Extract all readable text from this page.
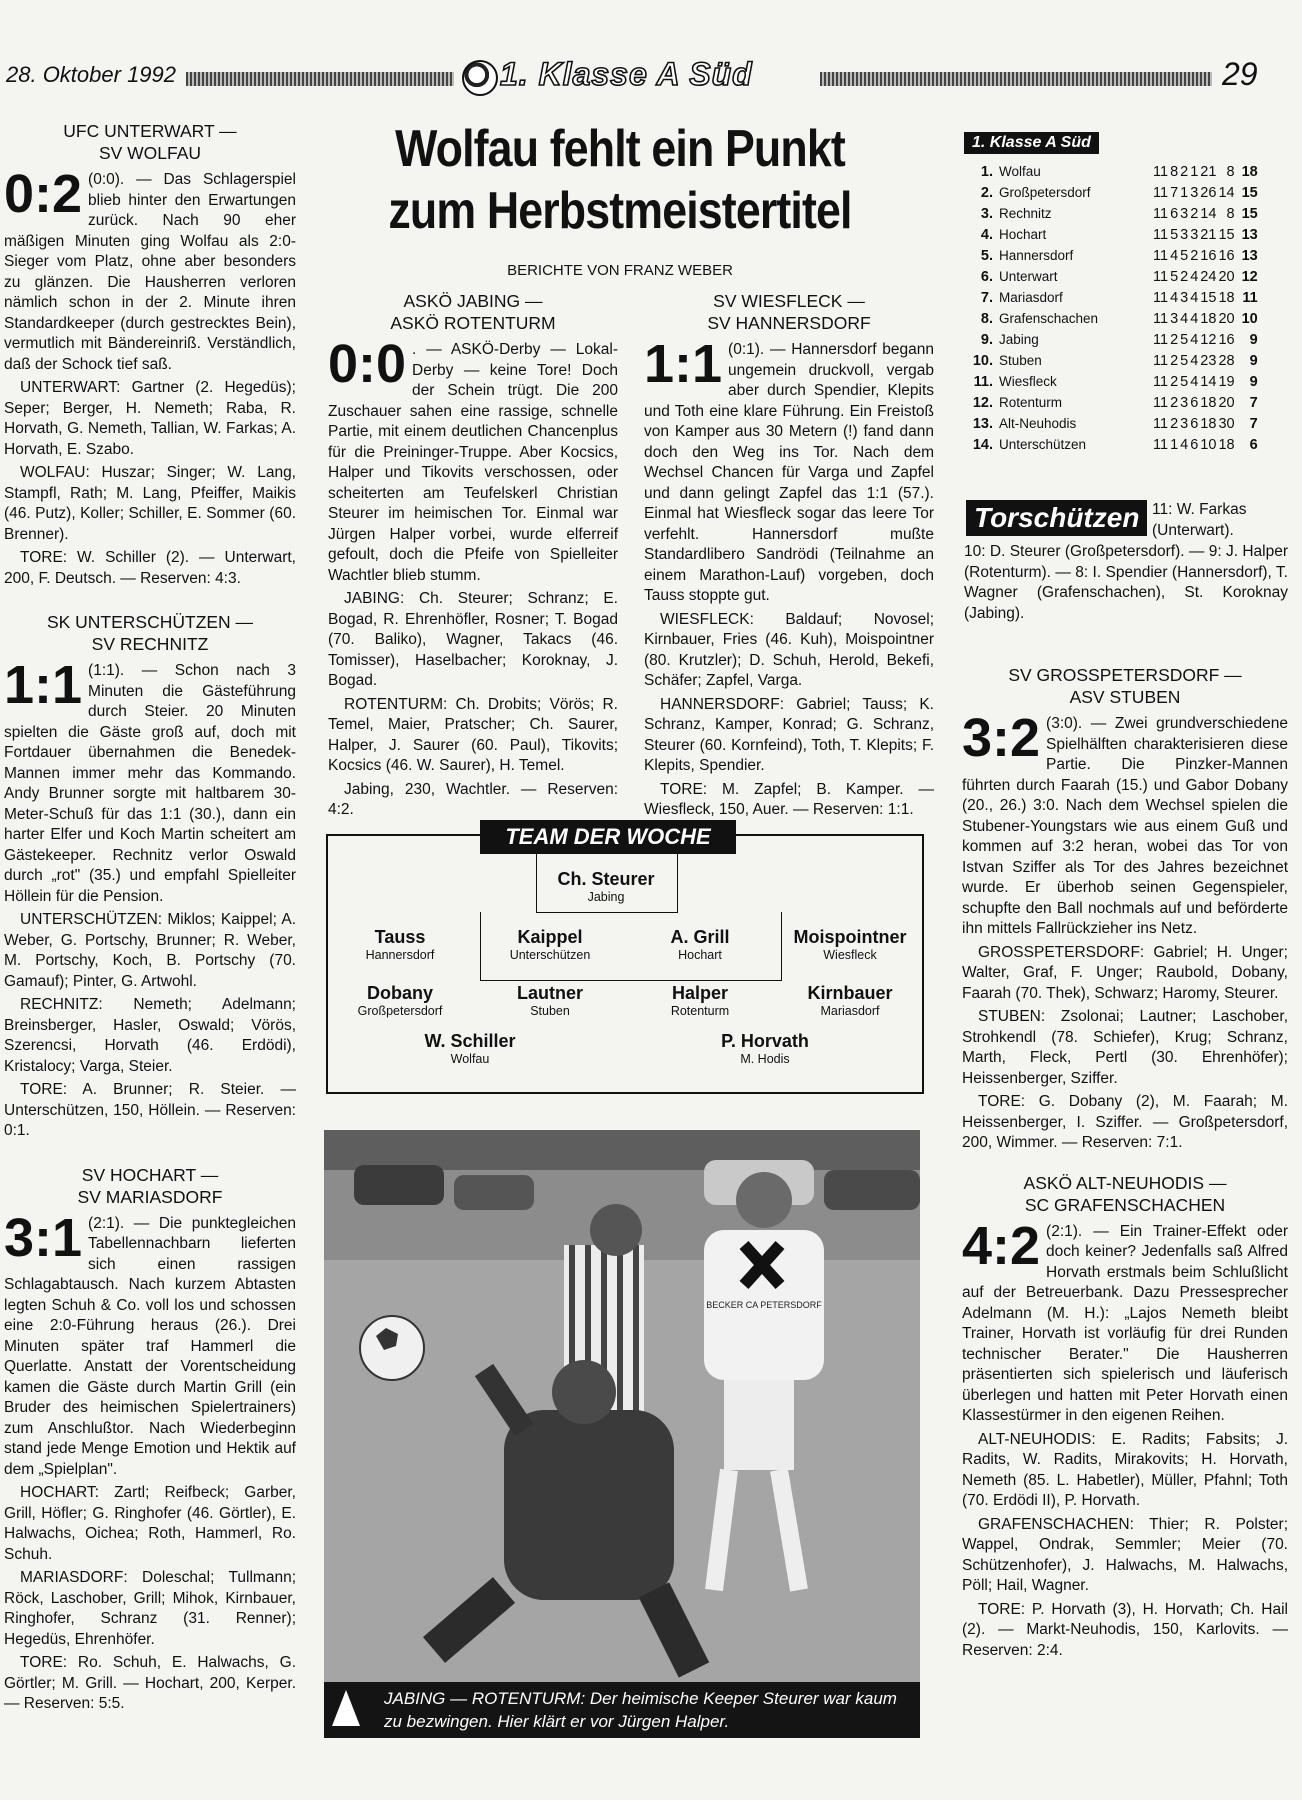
28. Oktober 1992	1. Klasse A Süd	29
Wolfau fehlt ein Punkt
zum Herbstmeistertitel
BERICHTE VON FRANZ WEBER
UFC UNTERWART —
SV WOLFAU
0:2 (0:0). — Das Schlagerspiel blieb hinter den Erwartungen zurück. Nach 90 eher mäßigen Minuten ging Wolfau als 2:0-Sieger vom Platz, ohne aber besonders zu glänzen. Die Hausherren verloren nämlich schon in der 2. Minute ihren Standardkeeper (durch gestrecktes Bein), vermutlich mit Bändereinriß. Verständlich, daß der Schock tief saß.

UNTERWART: Gartner (2. Hegedüs); Seper; Berger, H. Nemeth; Raba, R. Horvath, G. Nemeth, Tallian, W. Farkas; A. Horvath, E. Szabo.

WOLFAU: Huszar; Singer; W. Lang, Stampfl, Rath; M. Lang, Pfeiffer, Maikis (46. Putz), Koller; Schiller, E. Sommer (60. Brenner).

TORE: W. Schiller (2). — Unterwart, 200, F. Deutsch. — Reserven: 4:3.

SK UNTERSCHÜTZEN —
SV RECHNITZ
1:1 (1:1). — Schon nach 3 Minuten die Gästeführung durch Steier. 20 Minuten spielten die Gäste groß auf, doch mit Fortdauer übernahmen die Benedek-Mannen immer mehr das Kommando. Andy Brunner sorgte mit haltbarem 30-Meter-Schuß für das 1:1 (30.), dann ein harter Elfer und Koch Martin scheitert am Gästekeeper. Rechnitz verlor Oswald durch „rot" (35.) und empfahl Spielleiter Höllein für die Pension.

UNTERSCHÜTZEN: Miklos; Kaippel; A. Weber, G. Portschy, Brunner; R. Weber, M. Portschy, Koch, B. Portschy (70. Gamauf); Pinter, G. Artwohl.

RECHNITZ: Nemeth; Adelmann; Breinsberger, Hasler, Oswald; Vörös, Szerencsi, Horvath (46. Erdödi), Kristalocy; Varga, Steier.

TORE: A. Brunner; R. Steier. — Unterschützen, 150, Höllein. — Reserven: 0:1.

SV HOCHART —
SV MARIASDORF
3:1 (2:1). — Die punktegleichen Tabellennachbarn lieferten sich einen rassigen Schlagabtausch. Nach kurzem Abtasten legten Schuh & Co. voll los und schossen eine 2:0-Führung heraus (26.). Drei Minuten später traf Hammerl die Querlatte. Anstatt der Vorentscheidung kamen die Gäste durch Martin Grill (ein Bruder des heimischen Spielertrainers) zum Anschlußtor. Nach Wiederbeginn stand jede Menge Emotion und Hektik auf dem „Spielplan".

HOCHART: Zartl; Reifbeck; Garber, Grill, Höfler; G. Ringhofer (46. Görtler), E. Halwachs, Oichea; Roth, Hammerl, Ro. Schuh.

MARIASDORF: Doleschal; Tullmann; Röck, Laschober, Grill; Mihok, Kirnbauer, Ringhofer, Schranz (31. Renner); Hegedüs, Ehrenhöfer.

TORE: Ro. Schuh, E. Halwachs, G. Görtler; M. Grill. — Hochart, 200, Kerper. — Reserven: 5:5.

ASKÖ JABING —
ASKÖ ROTENTURM
0:0 . — ASKÖ-Derby — Lokal-Derby — keine Tore! Doch der Schein trügt. Die 200 Zuschauer sahen eine rassige, schnelle Partie, mit einem deutlichen Chancenplus für die Preininger-Truppe. Aber Kocsics, Halper und Tikovits verschossen, oder scheiterten am Teufelskerl Christian Steurer im heimischen Tor. Einmal war Jürgen Halper vorbei, wurde elferreif gefoult, doch die Pfeife von Spielleiter Wachtler blieb stumm.

JABING: Ch. Steurer; Schranz; E. Bogad, R. Ehrenhöfler, Rosner; T. Bogad (70. Baliko), Wagner, Takacs (46. Tomisser), Haselbacher; Koroknay, J. Bogad.

ROTENTURM: Ch. Drobits; Vörös; R. Temel, Maier, Pratscher; Ch. Saurer, Halper, J. Saurer (60. Paul), Tikovits; Kocsics (46. W. Saurer), H. Temel.

Jabing, 230, Wachtler. — Reserven: 4:2.

SV WIESFLECK —
SV HANNERSDORF
1:1 (0:1). — Hannersdorf begann ungemein druckvoll, vergab aber durch Spendier, Klepits und Toth eine klare Führung. Ein Freistoß von Kamper aus 30 Metern (!) fand dann doch den Weg ins Tor. Nach dem Wechsel Chancen für Varga und Zapfel und dann gelingt Zapfel das 1:1 (57.). Einmal hat Wiesfleck sogar das leere Tor verfehlt. Hannersdorf mußte Standardlibero Sandrödi (Teilnahme an einem Marathon-Lauf) vorgeben, doch Tauss stoppte gut.

WIESFLECK: Baldauf; Novosel; Kirnbauer, Fries (46. Kuh), Moispointner (80. Krutzler); D. Schuh, Herold, Bekefi, Schäfer; Zapfel, Varga.

HANNERSDORF: Gabriel; Tauss; K. Schranz, Kamper, Konrad; G. Schranz, Steurer (60. Kornfeind), Toth, T. Klepits; F. Klepits, Spendier.

TORE: M. Zapfel; B. Kamper. — Wiesfleck, 150, Auer. — Reserven: 1:1.

TEAM DER WOCHE
Ch. Steurer
Jabing
Tauss
Hannersdorf
Kaippel
Unterschützen
A. Grill
Hochart
Moispointner
Wiesfleck
Dobany
Großpetersdorf
Lautner
Stuben
Halper
Rotenturm
Kirnbauer
Mariasdorf
W. Schiller
Wolfau
P. Horvath
M. Hodis
BECKER CA PETERSDORF
JABING — ROTENTURM: Der heimische Keeper Steurer war kaum zu bezwingen. Hier klärt er vor Jürgen Halper.
1. Klasse A Süd
1.	Wolfau	11	8	2	1	21	8	18
2.	Großpetersdorf	11	7	1	3	26	14	15
3.	Rechnitz	11	6	3	2	14	8	15
4.	Hochart	11	5	3	3	21	15	13
5.	Hannersdorf	11	4	5	2	16	16	13
6.	Unterwart	11	5	2	4	24	20	12
7.	Mariasdorf	11	4	3	4	15	18	11
8.	Grafenschachen	11	3	4	4	18	20	10
9.	Jabing	11	2	5	4	12	16	9
10.	Stuben	11	2	5	4	23	28	9
11.	Wiesfleck	11	2	5	4	14	19	9
12.	Rotenturm	11	2	3	6	18	20	7
13.	Alt-Neuhodis	11	2	3	6	18	30	7
14.	Unterschützen	11	1	4	6	10	18	6
Torschützen 11: W. Farkas (Unterwart).
10: D. Steurer (Großpetersdorf). — 9: J. Halper (Rotenturm). — 8: I. Spendier (Hannersdorf), T. Wagner (Grafenschachen), St. Koroknay (Jabing).
SV GROSSPETERSDORF —
ASV STUBEN
3:2 (3:0). — Zwei grundverschiedene Spielhälften charakterisieren diese Partie. Die Pinzker-Mannen führten durch Faarah (15.) und Gabor Dobany (20., 26.) 3:0. Nach dem Wechsel spielen die Stubener-Youngstars wie aus einem Guß und kommen auf 3:2 heran, wobei das Tor von Istvan Sziffer als Tor des Jahres bezeichnet wurde. Er überhob seinen Gegenspieler, schupfte den Ball nochmals auf und beförderte ihn mittels Fallrückzieher ins Netz.

GROSSPETERSDORF: Gabriel; H. Unger; Walter, Graf, F. Unger; Raubold, Dobany, Faarah (70. Thek), Schwarz; Haromy, Steurer.

STUBEN: Zsolonai; Lautner; Laschober, Strohkendl (78. Schiefer), Krug; Schranz, Marth, Fleck, Pertl (30. Ehrenhöfer); Heissenberger, Sziffer.

TORE: G. Dobany (2), M. Faarah; M. Heissenberger, I. Sziffer. — Großpetersdorf, 200, Wimmer. — Reserven: 7:1.

ASKÖ ALT-NEUHODIS —
SC GRAFENSCHACHEN
4:2 (2:1). — Ein Trainer-Effekt oder doch keiner? Jedenfalls saß Alfred Horvath erstmals beim Schlußlicht auf der Betreuerbank. Dazu Pressesprecher Adelmann (M. H.): „Lajos Nemeth bleibt Trainer, Horvath ist vorläufig für drei Runden technischer Berater." Die Hausherren präsentierten sich spielerisch und läuferisch überlegen und hatten mit Peter Horvath einen Klassestürmer in den eigenen Reihen.

ALT-NEUHODIS: E. Radits; Fabsits; J. Radits, W. Radits, Mirakovits; H. Horvath, Nemeth (85. L. Habetler), Müller, Pfahnl; Toth (70. Erdödi II), P. Horvath.

GRAFENSCHACHEN: Thier; R. Polster; Wappel, Ondrak, Semmler; Meier (70. Schützenhofer), J. Halwachs, M. Halwachs, Pöll; Hail, Wagner.

TORE: P. Horvath (3), H. Horvath; Ch. Hail (2). — Markt-Neuhodis, 150, Karlovits. — Reserven: 2:4.
